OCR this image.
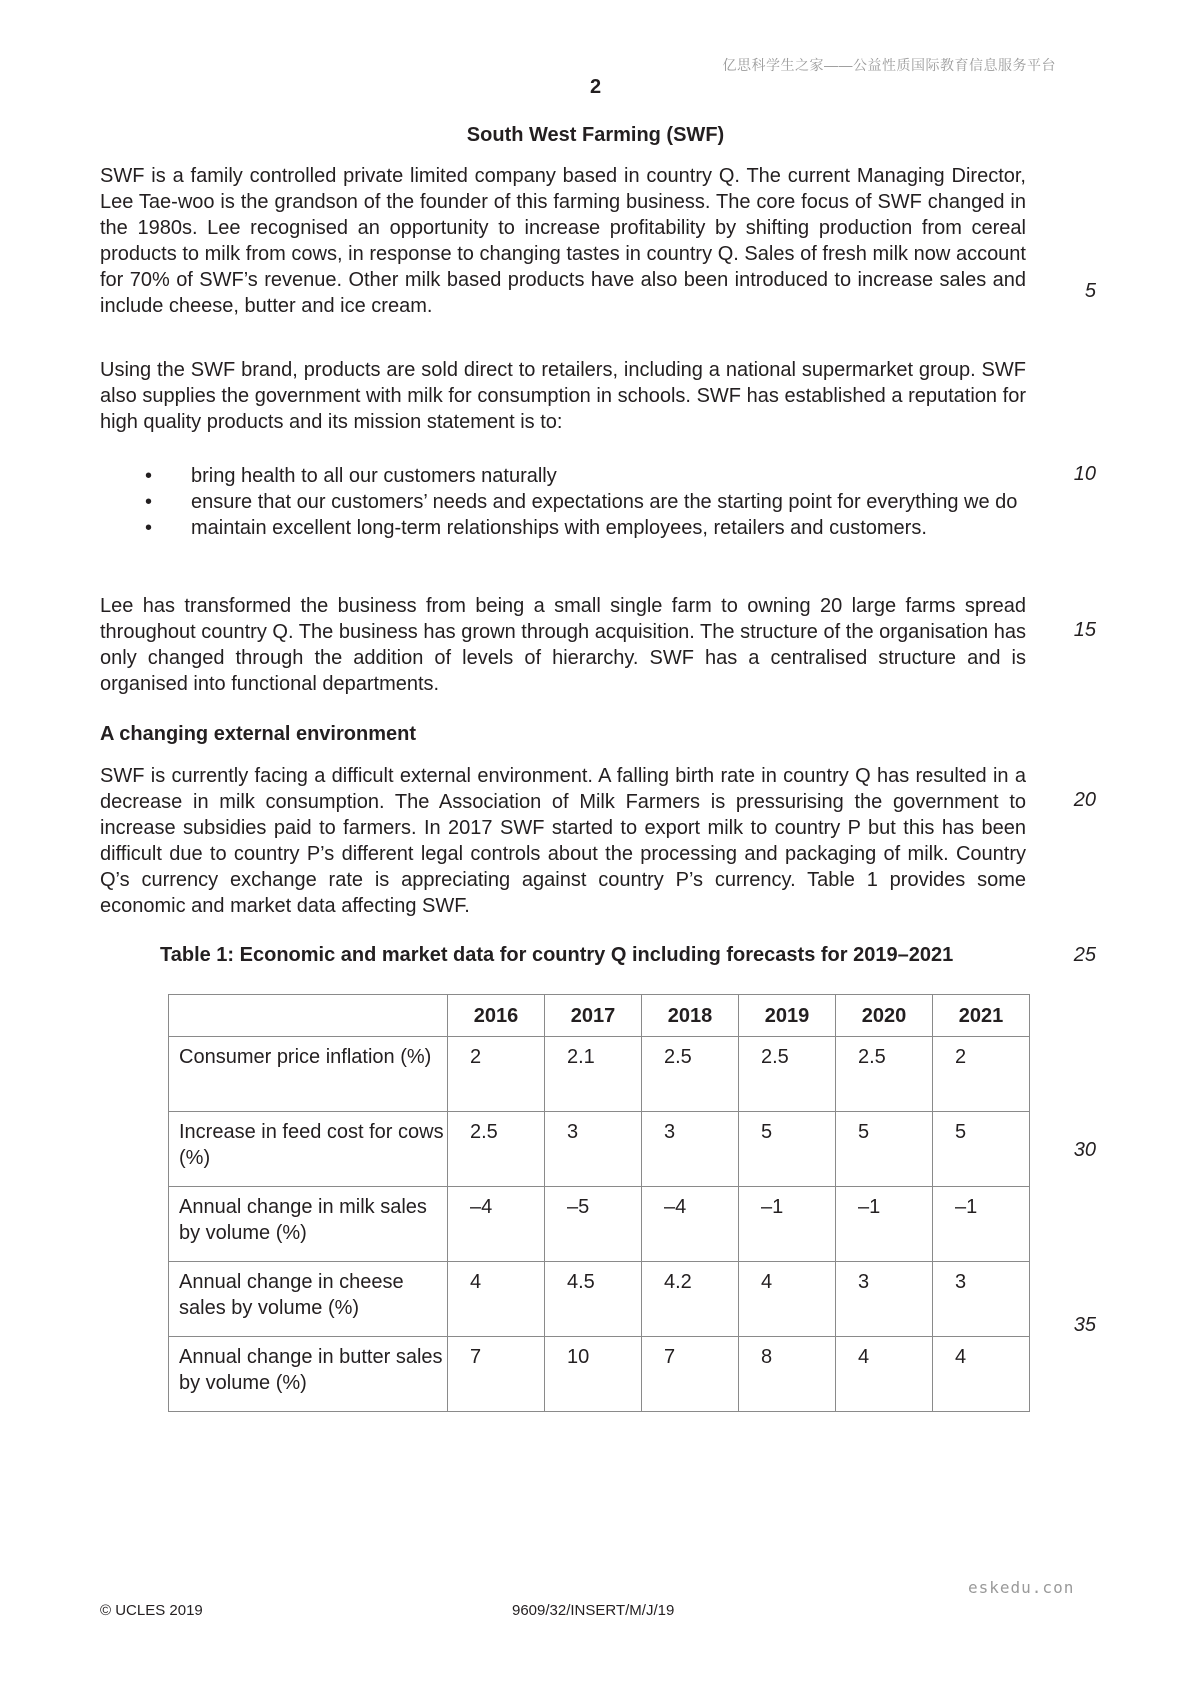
亿思科学生之家——公益性质国际教育信息服务平台
2
South West Farming (SWF)

SWF is a family controlled private limited company based in country Q. The current Managing Director, Lee Tae-woo is the grandson of the founder of this farming business. The core focus of SWF changed in the 1980s. Lee recognised an opportunity to increase profitability by shifting production from cereal products to milk from cows, in response to changing tastes in country Q. Sales of fresh milk now account for 70% of SWF’s revenue. Other milk based products have also been introduced to increase sales and include cheese, butter and ice cream.

Using the SWF brand, products are sold direct to retailers, including a national supermarket group. SWF also supplies the government with milk for consumption in schools. SWF has established a reputation for high quality products and its mission statement is to:

• bring health to all our customers naturally
• ensure that our customers’ needs and expectations are the starting point for everything we do
• maintain excellent long-term relationships with employees, retailers and customers.

Lee has transformed the business from being a small single farm to owning 20 large farms spread throughout country Q. The business has grown through acquisition. The structure of the organisation has only changed through the addition of levels of hierarchy. SWF has a centralised structure and is organised into functional departments.

A changing external environment

SWF is currently facing a difficult external environment. A falling birth rate in country Q has resulted in a decrease in milk consumption. The Association of Milk Farmers is pressurising the government to increase subsidies paid to farmers. In 2017 SWF started to export milk to country P but this has been difficult due to country P’s different legal controls about the processing and packaging of milk. Country Q’s currency exchange rate is appreciating against country P’s currency. Table 1 provides some economic and market data affecting SWF.

5
10
15
20
25
30
35
Table 1: Economic and market data for country Q including forecasts for 2019–2021
	2016	2017	2018	2019	2020	2021
Consumer price inflation (%)	2	2.1	2.5	2.5	2.5	2
Increase in feed cost for cows (%)	2.5	3	3	5	5	5
Annual change in milk sales by volume (%)	–4	–5	–4	–1	–1	–1
Annual change in cheese sales by volume (%)	4	4.5	4.2	4	3	3
Annual change in butter sales by volume (%)	7	10	7	8	4	4
eskedu.con
© UCLES 2019	9609/32/INSERT/M/J/19
